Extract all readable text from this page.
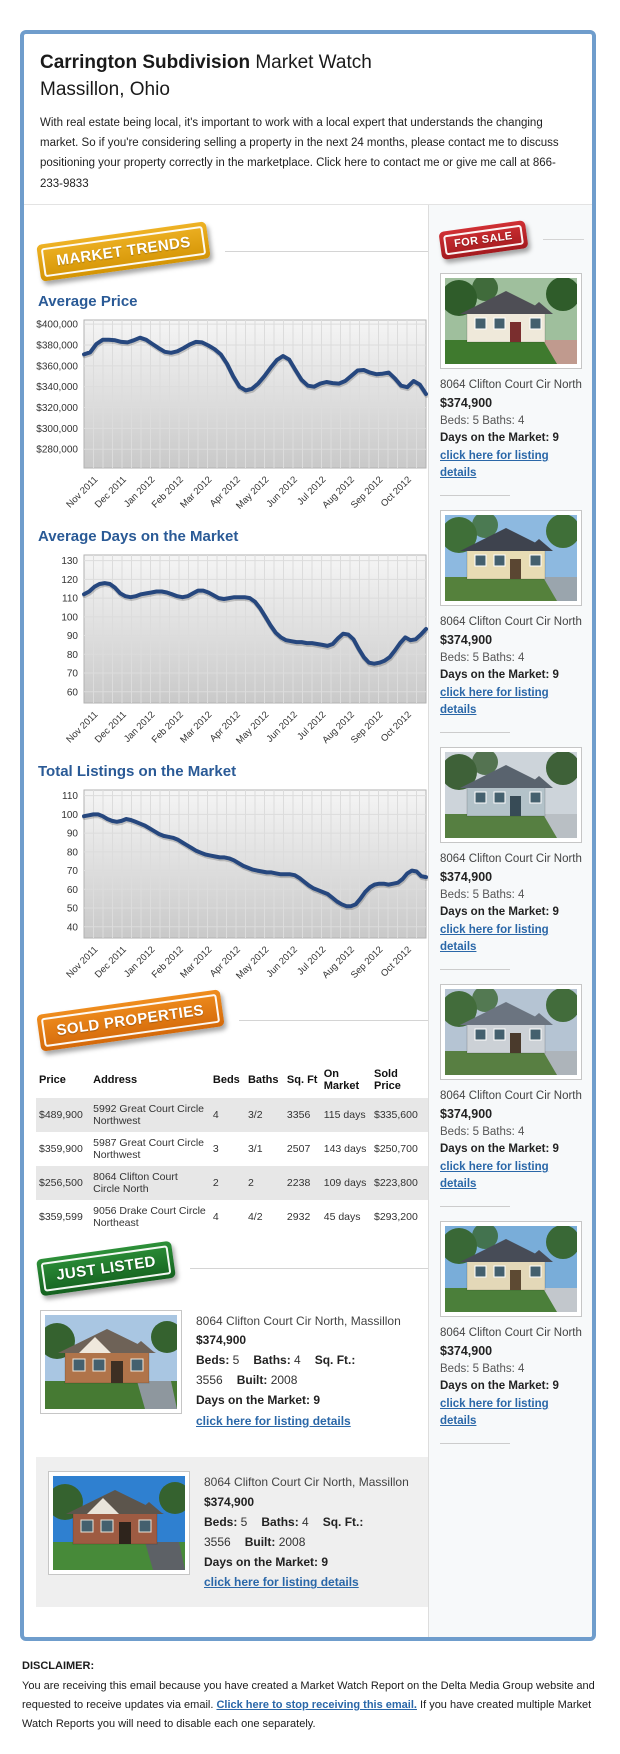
Carrington Subdivision Market Watch
Massillon, Ohio
With real estate being local, it's important to work with a local expert that understands the changing market. So if you're considering selling a property in the next 24 months, please contact me to discuss positioning your property correctly in the marketplace. Click here to contact me or give me call at 866-233-9833
MARKET TRENDS
Average Price
$400,000
$380,000
$360,000
$340,000
$320,000
$300,000
$280,000
Nov 2011
Dec 2011
Jan 2012
Feb 2012
Mar 2012
Apr 2012
May 2012
Jun 2012
Jul 2012
Aug 2012
Sep 2012
Oct 2012
Average Days on the Market
130
120
110
100
90
80
70
60
Nov 2011
Dec 2011
Jan 2012
Feb 2012
Mar 2012
Apr 2012
May 2012
Jun 2012
Jul 2012
Aug 2012
Sep 2012
Oct 2012
Total Listings on the Market
110
100
90
80
70
60
50
40
Nov 2011
Dec 2011
Jan 2012
Feb 2012
Mar 2012
Apr 2012
May 2012
Jun 2012
Jul 2012
Aug 2012
Sep 2012
Oct 2012
SOLD PROPERTIES
Price	Address	Beds	Baths	Sq. Ft	On Market	Sold Price
$489,900	5992 Great Court Circle Northwest	4	3/2	3356	115 days	$335,600
$359,900	5987 Great Court Circle Northwest	3	3/1	2507	143 days	$250,700
$256,500	8064 Clifton Court Circle North	2	2	2238	109 days	$223,800
$359,599	9056 Drake Court Circle Northeast	4	4/2	2932	45 days	$293,200
JUST LISTED
8064 Clifton Court Cir North, Massillon
$374,900
Beds: 5 Baths: 4 Sq. Ft.: 3556 Built: 2008
Days on the Market: 9
click here for listing details
8064 Clifton Court Cir North, Massillon
$374,900
Beds: 5 Baths: 4 Sq. Ft.: 3556 Built: 2008
Days on the Market: 9
click here for listing details
FOR SALE
8064 Clifton Court Cir North
$374,900
Beds: 5 Baths: 4
Days on the Market: 9
click here for listing details
8064 Clifton Court Cir North
$374,900
Beds: 5 Baths: 4
Days on the Market: 9
click here for listing details
8064 Clifton Court Cir North
$374,900
Beds: 5 Baths: 4
Days on the Market: 9
click here for listing details
8064 Clifton Court Cir North
$374,900
Beds: 5 Baths: 4
Days on the Market: 9
click here for listing details
8064 Clifton Court Cir North
$374,900
Beds: 5 Baths: 4
Days on the Market: 9
click here for listing details
DISCLAIMER:
You are receiving this email because you have created a Market Watch Report on the Delta Media Group website and requested to receive updates via email. Click here to stop receiving this email. If you have created multiple Market Watch Reports you will need to disable each one separately.
